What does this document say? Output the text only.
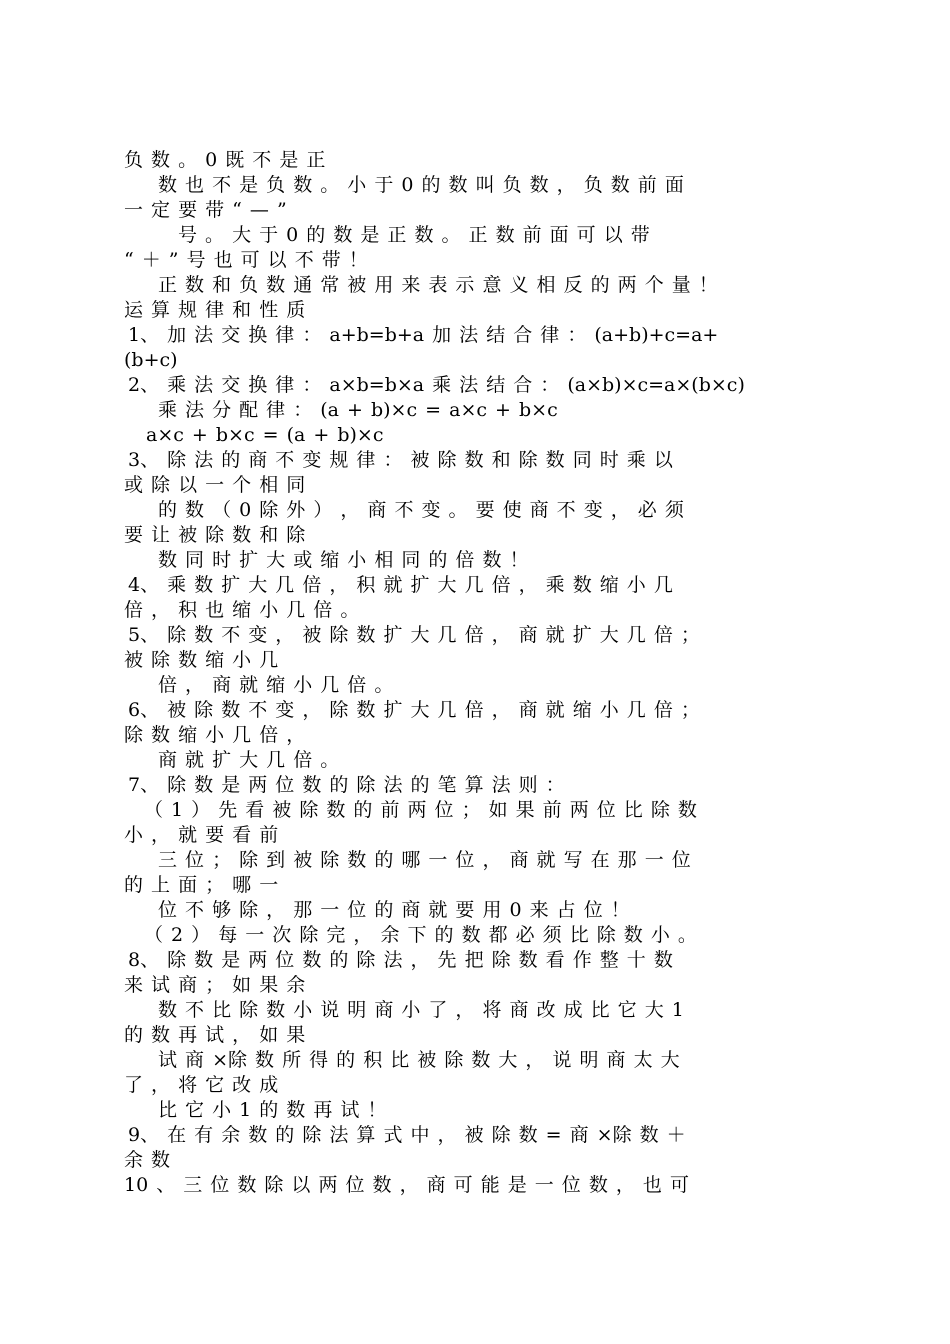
负 数 。 0 既 不 是 正
数 也 不 是 负 数 。 小 于 0 的 数 叫 负 数 ， 负 数 前 面
一 定 要 带 “ — ”
号 。 大 于 0 的 数 是 正 数 。 正 数 前 面 可 以 带
“ ＋ ” 号 也 可 以 不 带 ！
正 数 和 负 数 通 常 被 用 来 表 示 意 义 相 反 的 两 个 量 ！
运 算 规 律 和 性 质
1、 加 法 交 换 律 ： a+b=b+a 加 法 结 合 律 ： (a+b)+c=a+
(b+c)
2、 乘 法 交 换 律 ： a×b=b×a 乘 法 结 合 ： (a×b)×c=a×(b×c)
乘 法 分 配 律 ： (a + b)×c = a×c + b×c
a×c + b×c = (a + b)×c
3、 除 法 的 商 不 变 规 律 ： 被 除 数 和 除 数 同 时 乘 以
或 除 以 一 个 相 同
的 数 （ 0 除 外 ） ， 商 不 变 。 要 使 商 不 变 ， 必 须
要 让 被 除 数 和 除
数 同 时 扩 大 或 缩 小 相 同 的 倍 数 ！
4、 乘 数 扩 大 几 倍 ， 积 就 扩 大 几 倍 ， 乘 数 缩 小 几
倍 ， 积 也 缩 小 几 倍 。
5、 除 数 不 变 ， 被 除 数 扩 大 几 倍 ， 商 就 扩 大 几 倍 ；
被 除 数 缩 小 几
倍 ， 商 就 缩 小 几 倍 。
6、 被 除 数 不 变 ， 除 数 扩 大 几 倍 ， 商 就 缩 小 几 倍 ；
除 数 缩 小 几 倍 ，
商 就 扩 大 几 倍 。
7、 除 数 是 两 位 数 的 除 法 的 笔 算 法 则 ：
（ 1 ） 先 看 被 除 数 的 前 两 位 ； 如 果 前 两 位 比 除 数
小 ， 就 要 看 前
三 位 ； 除 到 被 除 数 的 哪 一 位 ， 商 就 写 在 那 一 位
的 上 面 ； 哪 一
位 不 够 除 ， 那 一 位 的 商 就 要 用 0 来 占 位 ！
（ 2 ） 每 一 次 除 完 ， 余 下 的 数 都 必 须 比 除 数 小 。
8、 除 数 是 两 位 数 的 除 法 ， 先 把 除 数 看 作 整 十 数
来 试 商 ； 如 果 余
数 不 比 除 数 小 说 明 商 小 了 ， 将 商 改 成 比 它 大 1
的 数 再 试 ， 如 果
试 商 ×除 数 所 得 的 积 比 被 除 数 大 ， 说 明 商 太 大
了 ， 将 它 改 成
比 它 小 1 的 数 再 试 ！
9、 在 有 余 数 的 除 法 算 式 中 ， 被 除 数 = 商 ×除 数 ＋
余 数
10 、 三 位 数 除 以 两 位 数 ， 商 可 能 是 一 位 数 ， 也 可
